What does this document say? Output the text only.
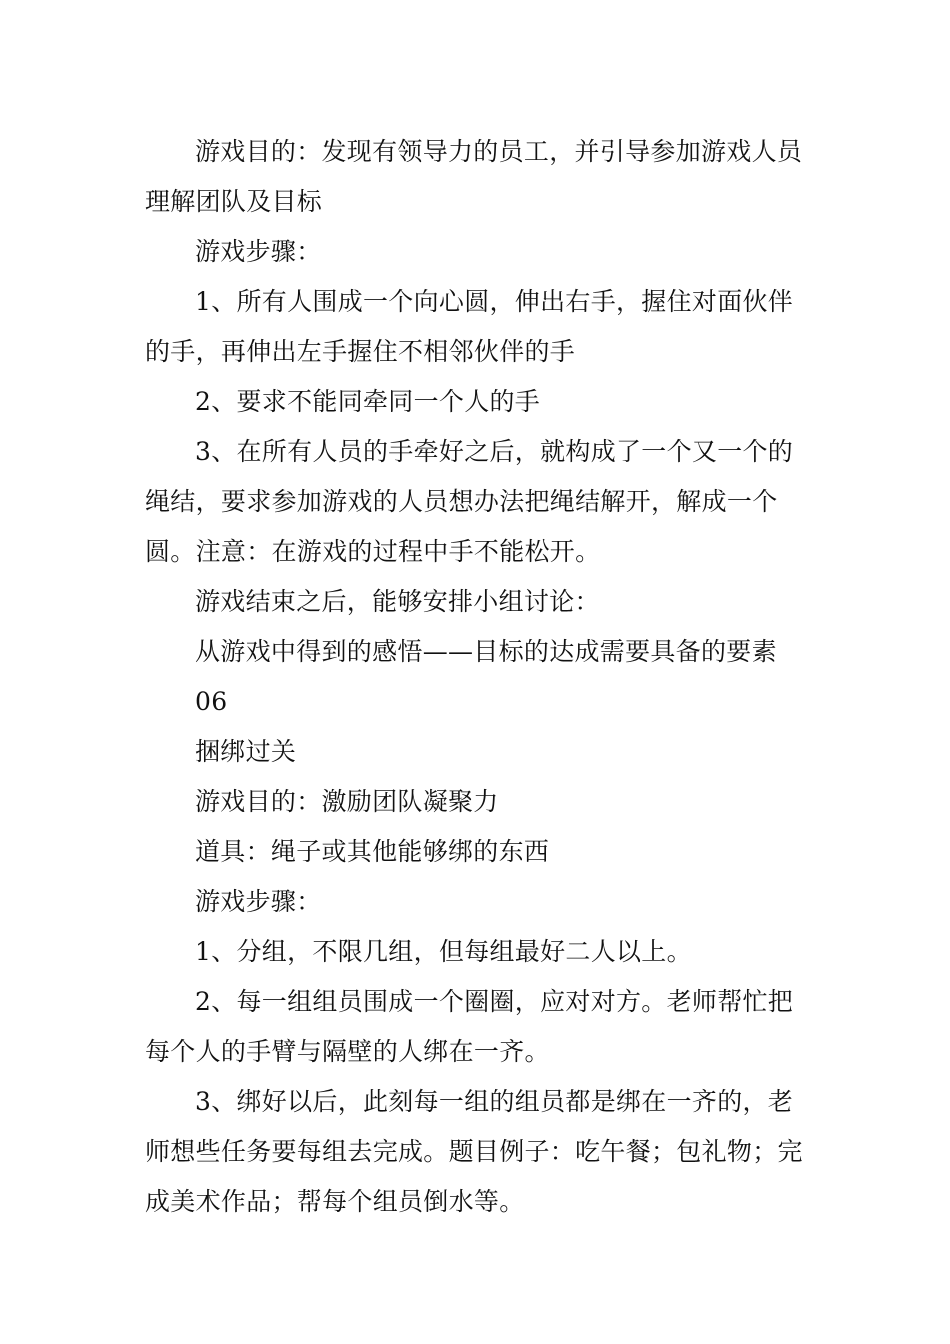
游戏目的：发现有领导力的员工，并引导参加游戏人员理解团队及目标

游戏步骤：

1、所有人围成一个向心圆，伸出右手，握住对面伙伴的手，再伸出左手握住不相邻伙伴的手

2、要求不能同牵同一个人的手

3、在所有人员的手牵好之后，就构成了一个又一个的绳结，要求参加游戏的人员想办法把绳结解开，解成一个圆。注意：在游戏的过程中手不能松开。

游戏结束之后，能够安排小组讨论：

从游戏中得到的感悟——目标的达成需要具备的要素

06

捆绑过关

游戏目的：激励团队凝聚力

道具：绳子或其他能够绑的东西

游戏步骤：

1、分组，不限几组，但每组最好二人以上。

2、每一组组员围成一个圈圈，应对对方。老师帮忙把每个人的手臂与隔壁的人绑在一齐。

3、绑好以后，此刻每一组的组员都是绑在一齐的，老师想些任务要每组去完成。题目例子：吃午餐；包礼物；完成美术作品；帮每个组员倒水等。
